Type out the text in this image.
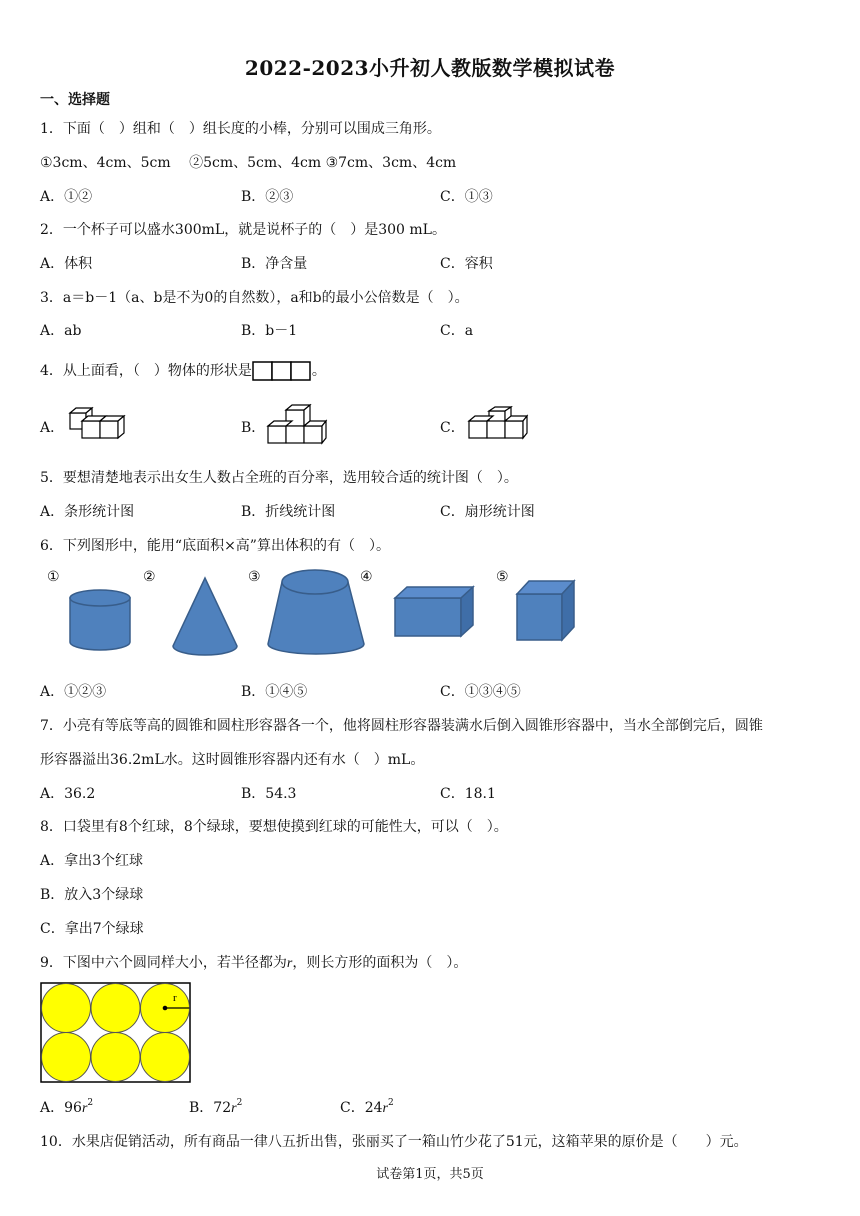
2022-2023小升初人教版数学模拟试卷
一、选择题
1．下面（　）组和（　）组长度的小棒，分别可以围成三角形。
①3cm、4cm、5cm　 ②5cm、5cm、4cm ③7cm、3cm、4cm
A．①②	B．②③	C．①③
2．一个杯子可以盛水300mL，就是说杯子的（　）是300 mL。
A．体积	B．净含量	C．容积
3．a＝b－1（a、b是不为0的自然数），a和b的最小公倍数是（　）。
A．ab	B．b－1	C．a
4．从上面看，（　）物体的形状是	。
A．	B．	C．
5．要想清楚地表示出女生人数占全班的百分率，选用较合适的统计图（　）。
A．条形统计图	B．折线统计图	C．扇形统计图
6．下列图形中，能用“底面积×高”算出体积的有（　）。
①	②	③	④	⑤
A．①②③	B．①④⑤	C．①③④⑤
7．小亮有等底等高的圆锥和圆柱形容器各一个，他将圆柱形容器装满水后倒入圆锥形容器中，当水全部倒完后，圆锥
形容器溢出36.2mL水。这时圆锥形容器内还有水（　）mL。
A．36.2	B．54.3	C．18.1
8．口袋里有8个红球，8个绿球，要想使摸到红球的可能性大，可以（　）。
A．拿出3个红球
B．放入3个绿球
C．拿出7个绿球
9．下图中六个圆同样大小，若半径都为r，则长方形的面积为（　）。
r
A．$96r^2$	B．$72r^2$	C．$24r^2$
10．水果店促销活动，所有商品一律八五折出售，张丽买了一箱山竹少花了51元，这箱苹果的原价是（　　）元。
试卷第1页，共5页
